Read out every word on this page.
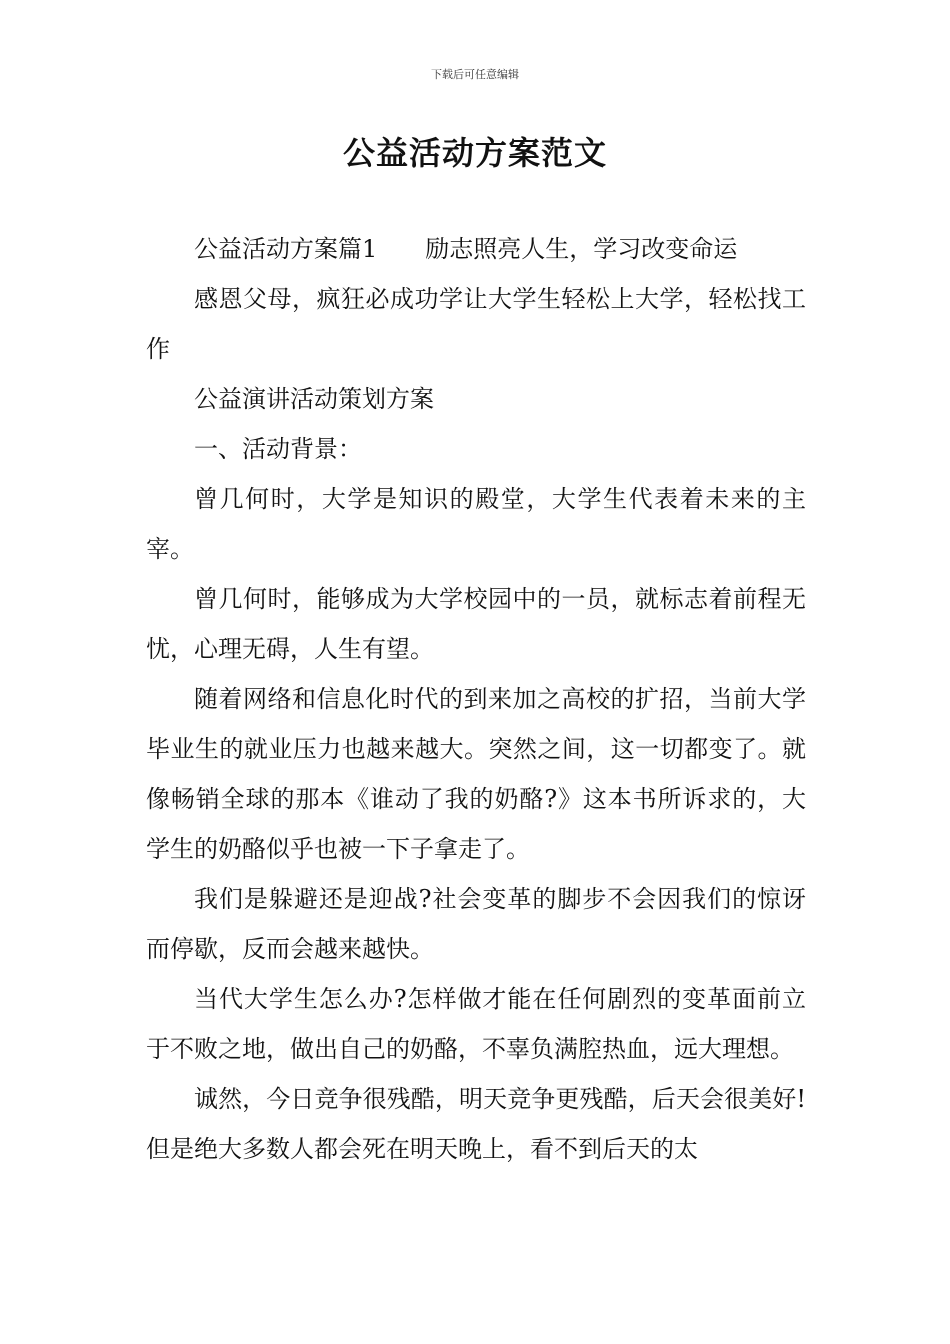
下载后可任意编辑
公益活动方案范文

公益活动方案篇1 励志照亮人生，学习改变命运

感恩父母，疯狂必成功学让大学生轻松上大学，轻松找工作

公益演讲活动策划方案

一、活动背景：

曾几何时，大学是知识的殿堂，大学生代表着未来的主宰。

曾几何时，能够成为大学校园中的一员，就标志着前程无忧，心理无碍，人生有望。

随着网络和信息化时代的到来加之高校的扩招，当前大学毕业生的就业压力也越来越大。突然之间，这一切都变了。就像畅销全球的那本《谁动了我的奶酪?》这本书所诉求的，大学生的奶酪似乎也被一下子拿走了。

我们是躲避还是迎战?社会变革的脚步不会因我们的惊讶而停歇，反而会越来越快。

当代大学生怎么办?怎样做才能在任何剧烈的变革面前立于不败之地，做出自己的奶酪，不辜负满腔热血，远大理想。

诚然，今日竞争很残酷，明天竞争更残酷，后天会很美好!但是绝大多数人都会死在明天晚上，看不到后天的太
